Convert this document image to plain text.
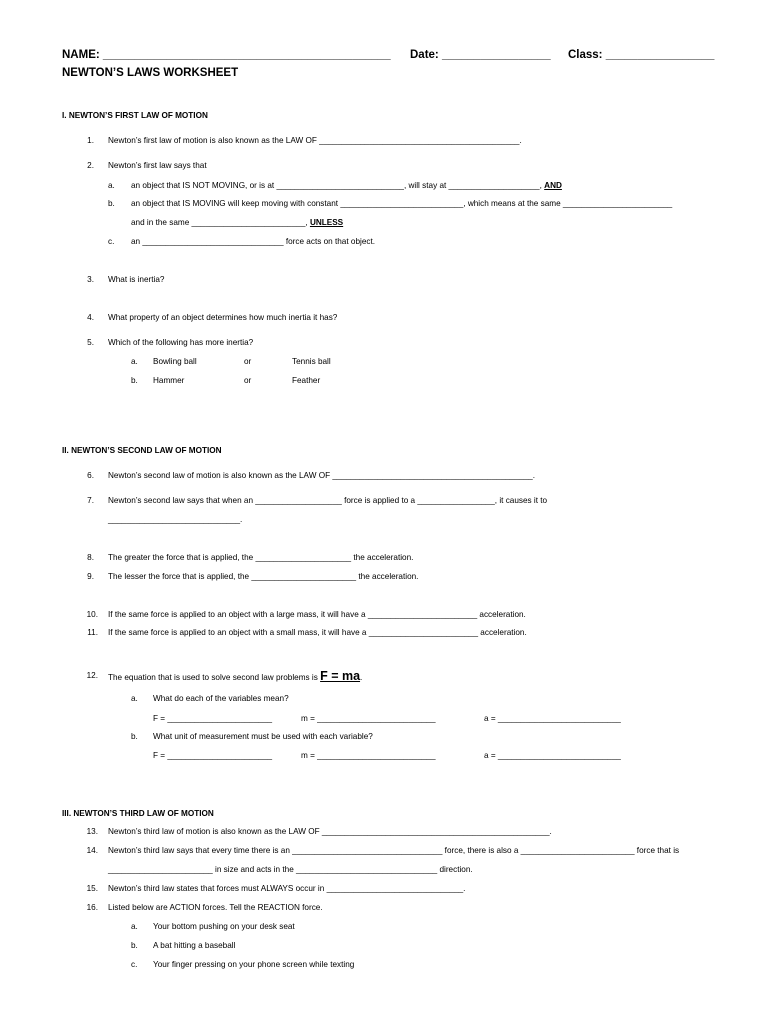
NAME: _____________________________________________ Date: _________________ Class: _________________
NEWTON’S LAWS WORKSHEET
I. NEWTON’S FIRST LAW OF MOTION
1. Newton’s first law of motion is also known as the LAW OF ____________________________________________.
2. Newton’s first law says that
a. an object that IS NOT MOVING, or is at ____________________________, will stay at ____________________, AND
b. an object that IS MOVING will keep moving with constant ___________________________, which means at the same ________________________
and in the same _________________________, UNLESS
c. an _______________________________ force acts on that object.
3. What is inertia?
4. What property of an object determines how much inertia it has?
5. Which of the following has more inertia?
a. Bowling ball	or	Tennis ball
b. Hammer	or	Feather
II. NEWTON’S SECOND LAW OF MOTION
6. Newton’s second law of motion is also known as the LAW OF ____________________________________________.
7. Newton’s second law says that when an ___________________ force is applied to a _________________, it causes it to
_____________________________.
8. The greater the force that is applied, the _____________________ the acceleration.
9. The lesser the force that is applied, the _______________________ the acceleration.
10. If the same force is applied to an object with a large mass, it will have a ________________________ acceleration.
11. If the same force is applied to an object with a small mass, it will have a ________________________ acceleration.
12. The equation that is used to solve second law problems is F = ma.
a. What do each of the variables mean?
F = _______________________	m = __________________________	a = ___________________________
b. What unit of measurement must be used with each variable?
F = _______________________	m = __________________________	a = ___________________________
III. NEWTON’S THIRD LAW OF MOTION
13. Newton’s third law of motion is also known as the LAW OF __________________________________________________.
14. Newton’s third law says that every time there is an _________________________________ force, there is also a _________________________ force that is
_______________________ in size and acts in the _______________________________ direction.
15. Newton’s third law states that forces must ALWAYS occur in ______________________________.
16. Listed below are ACTION forces. Tell the REACTION force.
a. Your bottom pushing on your desk seat
b. A bat hitting a baseball
c. Your finger pressing on your phone screen while texting
